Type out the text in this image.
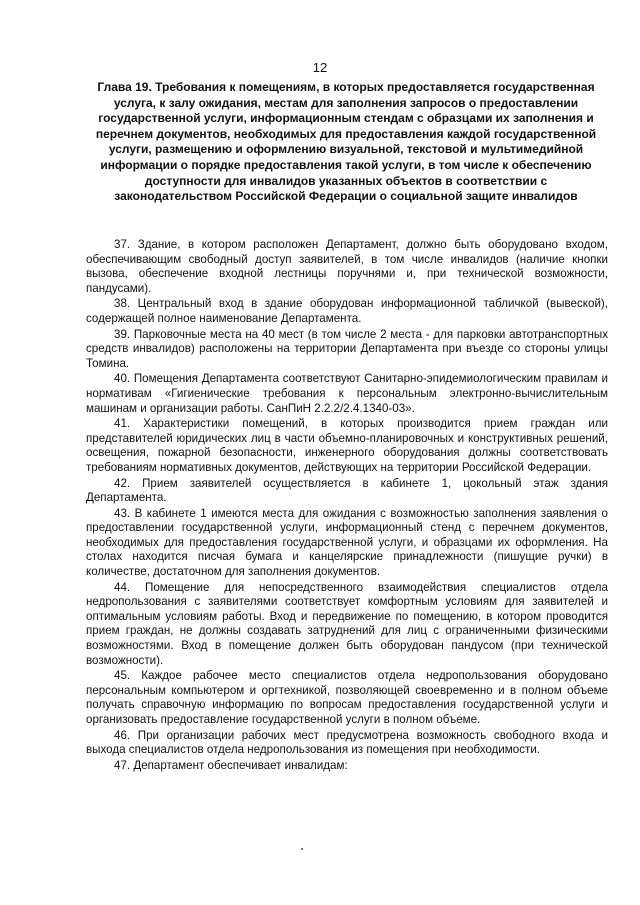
12
Глава 19. Требования к помещениям, в которых предоставляется государственная услуга, к залу ожидания, местам для заполнения запросов о предоставлении государственной услуги, информационным стендам с образцами их заполнения и перечнем документов, необходимых для предоставления каждой государственной услуги, размещению и оформлению визуальной, текстовой и мультимедийной информации о порядке предоставления такой услуги, в том числе к обеспечению доступности для инвалидов указанных объектов в соответствии с законодательством Российской Федерации о социальной защите инвалидов

37. Здание, в котором расположен Департамент, должно быть оборудовано входом, обеспечивающим свободный доступ заявителей, в том числе инвалидов (наличие кнопки вызова, обеспечение входной лестницы поручнями и, при технической возможности, пандусами).

38. Центральный вход в здание оборудован информационной табличкой (вывеской), содержащей полное наименование Департамента.

39. Парковочные места на 40 мест (в том числе 2 места - для парковки автотранспортных средств инвалидов) расположены на территории Департамента при въезде со стороны улицы Томина.

40. Помещения Департамента соответствуют Санитарно-эпидемиологическим правилам и нормативам «Гигиенические требования к персональным электронно-вычислительным машинам и организации работы. СанПиН 2.2.2/2.4.1340-03».

41. Характеристики помещений, в которых производится прием граждан или представителей юридических лиц в части объемно-планировочных и конструктивных решений, освещения, пожарной безопасности, инженерного оборудования должны соответствовать требованиям нормативных документов, действующих на территории Российской Федерации.

42. Прием заявителей осуществляется в кабинете 1, цокольный этаж здания Департамента.

43. В кабинете 1 имеются места для ожидания с возможностью заполнения заявления о предоставлении государственной услуги, информационный стенд с перечнем документов, необходимых для предоставления государственной услуги, и образцами их оформления. На столах находится писчая бумага и канцелярские принадлежности (пишущие ручки) в количестве, достаточном для заполнения документов.

44. Помещение для непосредственного взаимодействия специалистов отдела недропользования с заявителями соответствует комфортным условиям для заявителей и оптимальным условиям работы. Вход и передвижение по помещению, в котором проводится прием граждан, не должны создавать затруднений для лиц с ограниченными физическими возможностями. Вход в помещение должен быть оборудован пандусом (при технической возможности).

45. Каждое рабочее место специалистов отдела недропользования оборудовано персональным компьютером и оргтехникой, позволяющей своевременно и в полном объеме получать справочную информацию по вопросам предоставления государственной услуги и организовать предоставление государственной услуги в полном объеме.

46. При организации рабочих мест предусмотрена возможность свободного входа и выхода специалистов отдела недропользования из помещения при необходимости.

47. Департамент обеспечивает инвалидам:
